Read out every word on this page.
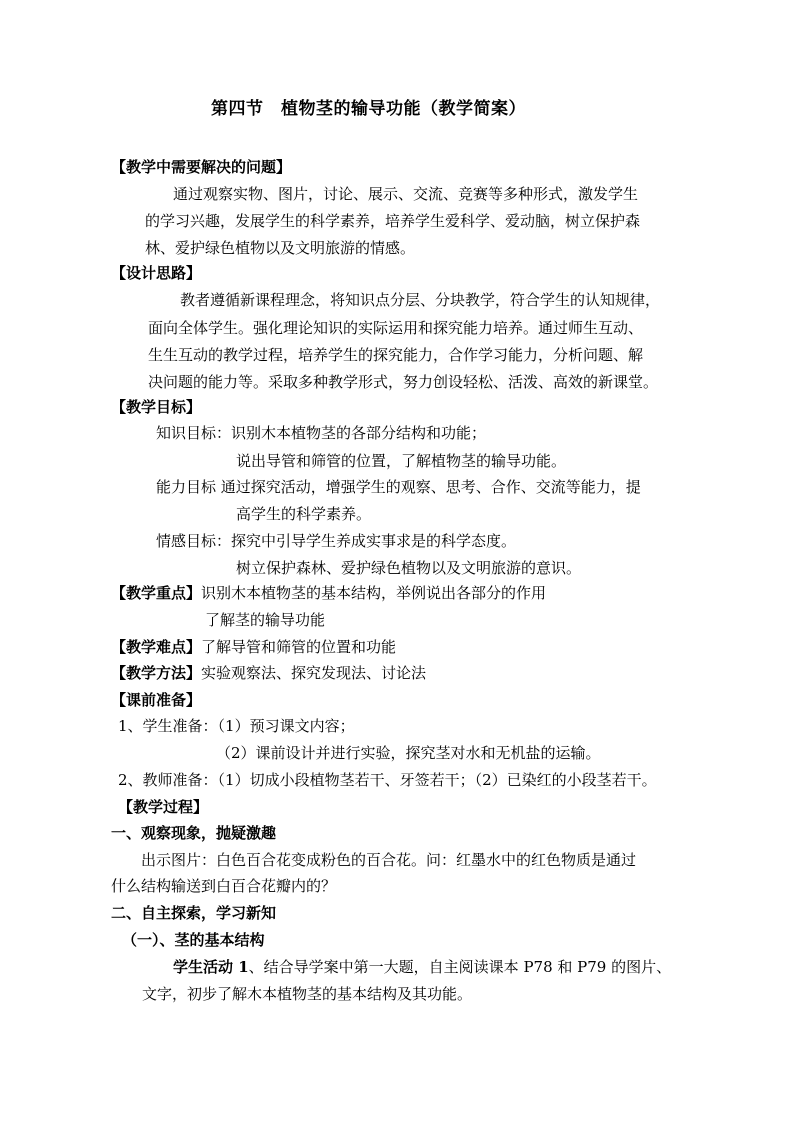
第四节　植物茎的输导功能（教学简案）
【教学中需要解决的问题】
通过观察实物、图片，讨论、展示、交流、竞赛等多种形式，激发学生
的学习兴趣，发展学生的科学素养，培养学生爱科学、爱动脑，树立保护森
林、爱护绿色植物以及文明旅游的情感。
【设计思路】
教者遵循新课程理念，将知识点分层、分块教学，符合学生的认知规律，
面向全体学生。强化理论知识的实际运用和探究能力培养。通过师生互动、
生生互动的教学过程，培养学生的探究能力，合作学习能力，分析问题、解
决问题的能力等。采取多种教学形式，努力创设轻松、活泼、高效的新课堂。
【教学目标】
知识目标：识别木本植物茎的各部分结构和功能；
说出导管和筛管的位置，了解植物茎的输导功能。
能力目标 通过探究活动，增强学生的观察、思考、合作、交流等能力，提
高学生的科学素养。
情感目标：探究中引导学生养成实事求是的科学态度。
树立保护森林、爱护绿色植物以及文明旅游的意识。
【教学重点】识别木本植物茎的基本结构，举例说出各部分的作用
了解茎的输导功能
【教学难点】了解导管和筛管的位置和功能
【教学方法】实验观察法、探究发现法、讨论法
【课前准备】
1、学生准备：（1）预习课文内容；
（2）课前设计并进行实验，探究茎对水和无机盐的运输。
2、教师准备：（1）切成小段植物茎若干、牙签若干；（2）已染红的小段茎若干。
【教学过程】
一、观察现象，抛疑激趣
出示图片：白色百合花变成粉色的百合花。问：红墨水中的红色物质是通过
什么结构输送到白百合花瓣内的？
二、自主探索，学习新知
（一）、茎的基本结构
学生活动 1、结合导学案中第一大题，自主阅读课本 P78 和 P79 的图片、
文字，初步了解木本植物茎的基本结构及其功能。
